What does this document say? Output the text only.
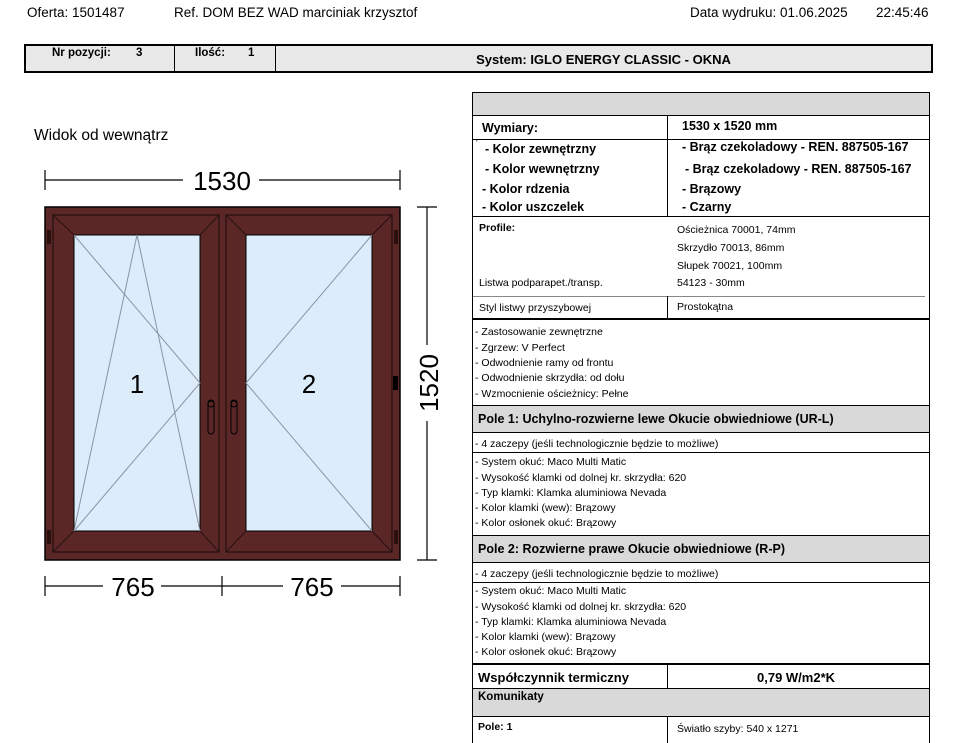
Oferta: 1501487	Ref. DOM BEZ WAD marciniak krzysztof	Data wydruku: 01.06.2025 22:45:46
Nr pozycji: 3	Ilość: 1	System: IGLO ENERGY CLASSIC - OKNA
Widok od wewnątrz
1530
1520
765	765
1	2
Wymiary:	1530 x 1520 mm
' - Kolor zewnętrzny	- Brąz czekoladowy - REN. 887505-167
- Kolor wewnętrzny	- Brąz czekoladowy - REN. 887505-167
- Kolor rdzenia	- Brązowy
- Kolor uszczelek	- Czarny
Profile:	Ościeżnica 70001, 74mm
Skrzydło 70013, 86mm
Słupek 70021, 100mm
Listwa podparapet./transp.	54123 - 30mm
Styl listwy przyszybowej	Prostokątna
- Zastosowanie zewnętrzne
- Zgrzew: V Perfect
- Odwodnienie ramy od frontu
- Odwodnienie skrzydła: od dołu
- Wzmocnienie ościeżnicy: Pełne
Pole 1: Uchylno-rozwierne lewe Okucie obwiedniowe (UR-L)
- 4 zaczepy (jeśli technologicznie będzie to możliwe)
- System okuć: Maco Multi Matic
- Wysokość klamki od dolnej kr. skrzydła: 620
- Typ klamki: Klamka aluminiowa Nevada
- Kolor klamki (wew): Brązowy
- Kolor osłonek okuć: Brązowy
Pole 2: Rozwierne prawe Okucie obwiedniowe (R-P)
- 4 zaczepy (jeśli technologicznie będzie to możliwe)
- System okuć: Maco Multi Matic
- Wysokość klamki od dolnej kr. skrzydła: 620
- Typ klamki: Klamka aluminiowa Nevada
- Kolor klamki (wew): Brązowy
- Kolor osłonek okuć: Brązowy
Współczynnik termiczny	0,79 W/m2*K
Komunikaty
Pole: 1	Światło szyby: 540 x 1271
